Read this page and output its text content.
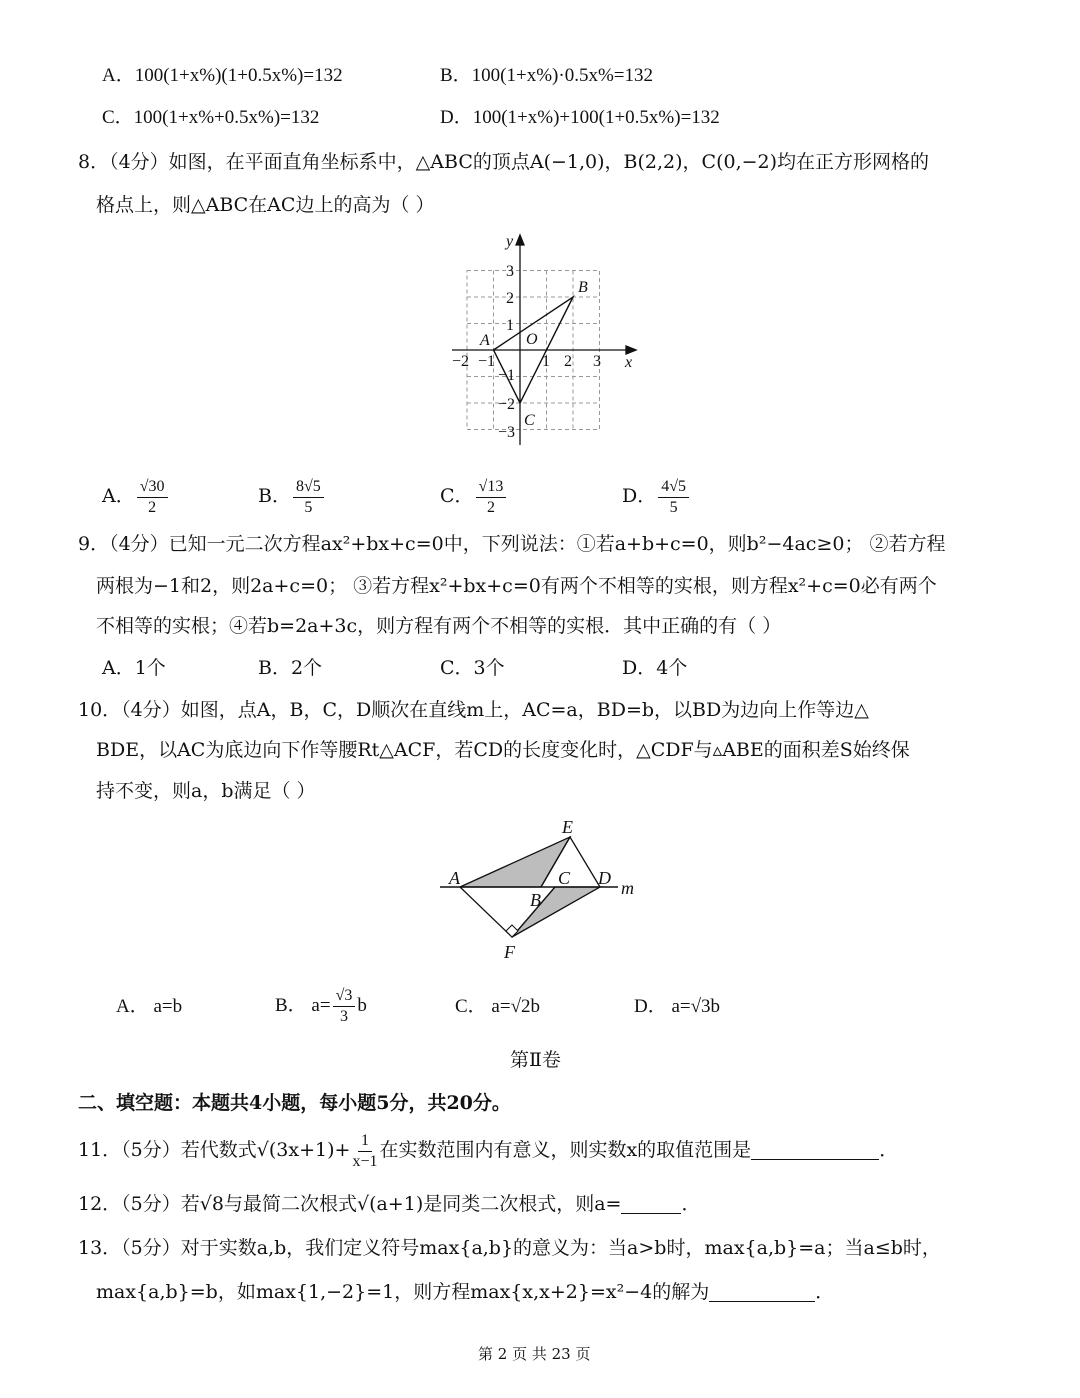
A．100(1+x%)(1+0.5x%)=132	B．100(1+x%)·0.5x%=132
C．100(1+x%+0.5x%)=132	D．100(1+x%)+100(1+0.5x%)=132
8．（4分）如图，在平面直角坐标系中，△ABC的顶点A(−1,0)，B(2,2)，C(0,−2)均在正方形网格的
格点上，则△ABC在AC边上的高为（ ）
y
x
B
A O
C
3
2
1
−1
−2
−3
−2 −1	1 2 3
A． $\frac{√30}{2}$	B． $\frac{8√5}{5}$	C． $\frac{√13}{2}$	D． $\frac{4√5}{5}$
9．（4分）已知一元二次方程ax²+bx+c=0中，下列说法：①若a+b+c=0，则b²−4ac≥0； ②若方程
两根为−1和2，则2a+c=0； ③若方程x²+bx+c=0有两个不相等的实根，则方程x²+c=0必有两个
不相等的实根；④若b=2a+3c，则方程有两个不相等的实根．其中正确的有（ ）
A．1个	B．2个	C．3个	D．4个
10．（4分）如图，点A，B，C，D顺次在直线m上，AC=a，BD=b，以BD为边向上作等边△
BDE，以AC为底边向下作等腰Rt△ACF，若CD的长度变化时，△CDF与▵ABE的面积差S始终保
持不变，则a，b满足（ ）
E
A	C D m
B
F
A． a=b	B． $a= \frac{√3}{3}$ b	C． a=√2b	D． a=√3b
第Ⅱ卷
二、填空题：本题共4小题，每小题5分，共20分。
11．（5分）若代数式$√(3x+1)+ \frac{1}{x-1}$ 在实数范围内有意义，则实数x的取值范围是	．
12．（5分）若√8与最简二次根式√(a+1)是同类二次根式，则a=	．
13．（5分）对于实数a,b，我们定义符号max{a,b}的意义为：当a>b时，max{a,b}=a；当a≤b时，
max{a,b}=b，如max{1,−2}=1，则方程max{x,x+2}=x²−4的解为	．
第 2 页 共 23 页
